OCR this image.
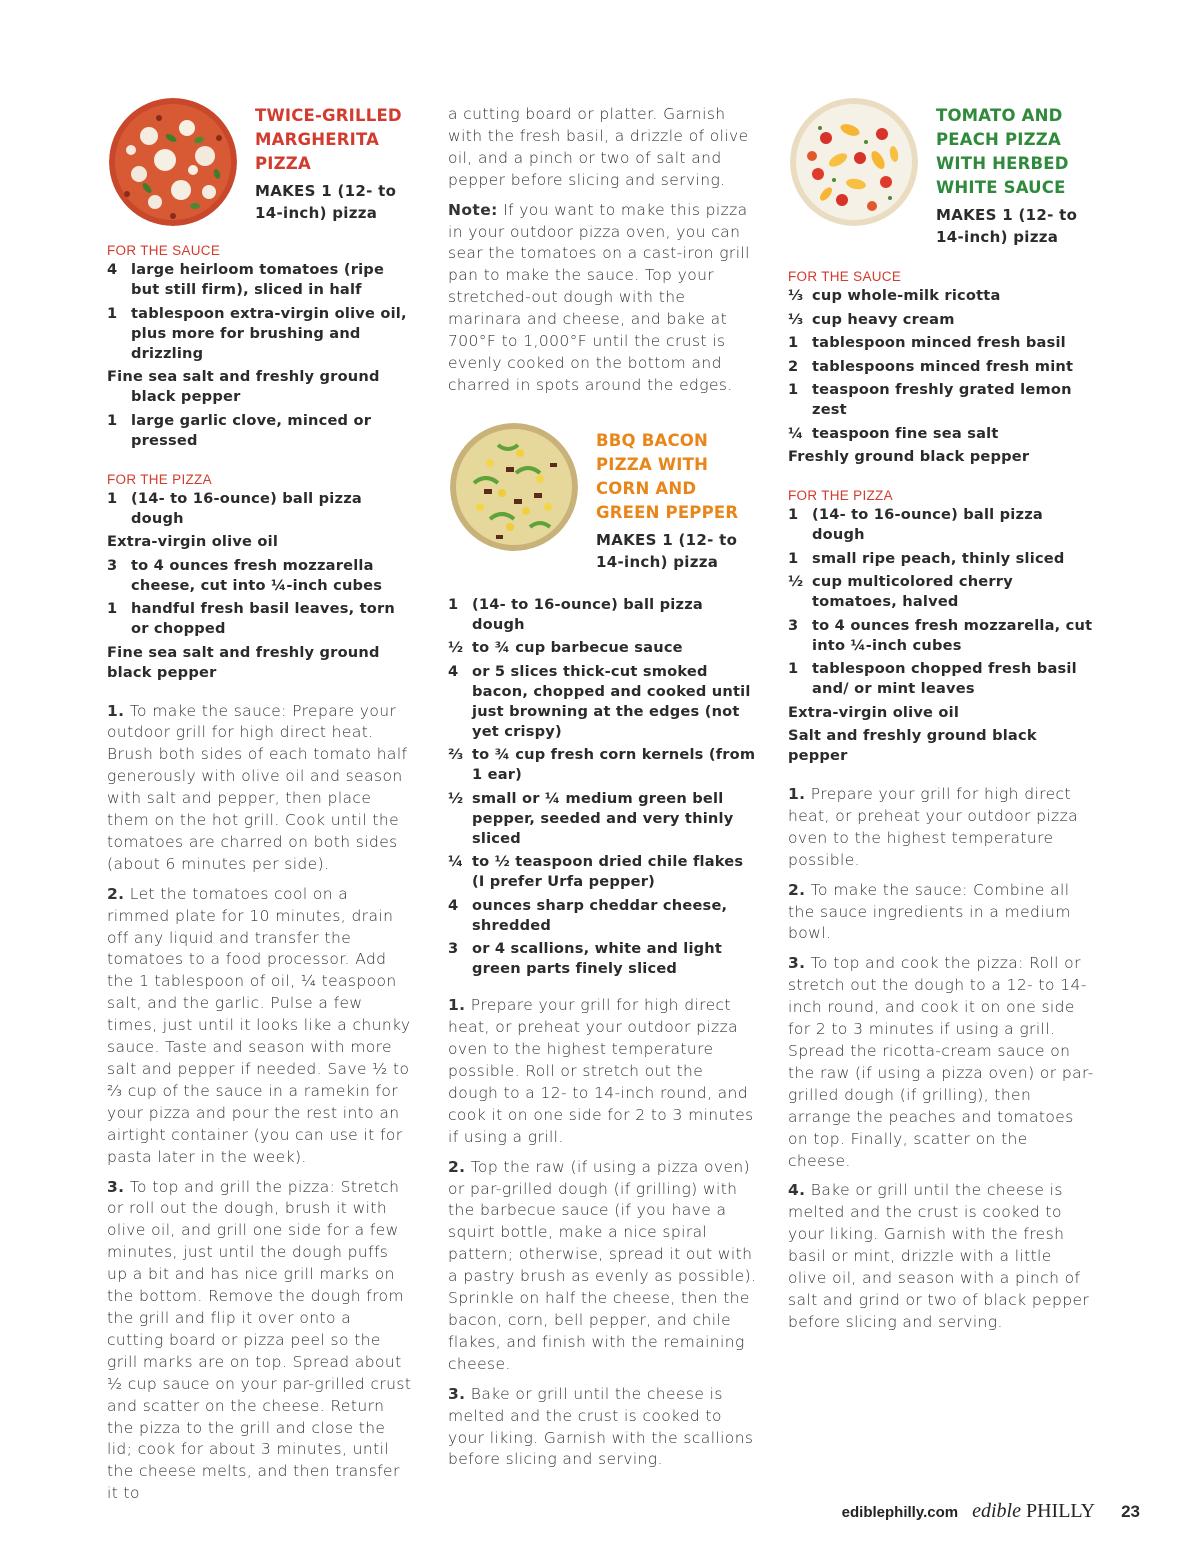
TWICE-GRILLED
MARGHERITA
PIZZA
MAKES 1 (12- to
14-inch) pizza
FOR THE SAUCE
4 large heirloom tomatoes (ripe but still firm), sliced in half
1 tablespoon extra-virgin olive oil, plus more for brushing and drizzling
Fine sea salt and freshly ground black pepper
1 large garlic clove, minced or pressed
FOR THE PIZZA
1 (14- to 16-ounce) ball pizza dough
Extra-virgin olive oil
3 to 4 ounces fresh mozzarella cheese, cut into ¼-inch cubes
1 handful fresh basil leaves, torn or chopped
Fine sea salt and freshly ground black pepper

1. To make the sauce: Prepare your outdoor grill for high direct heat. Brush both sides of each tomato half generously with olive oil and season with salt and pepper, then place them on the hot grill. Cook until the tomatoes are charred on both sides (about 6 minutes per side).

2. Let the tomatoes cool on a rimmed plate for 10 minutes, drain off any liquid and transfer the tomatoes to a food processor. Add the 1 tablespoon of oil, ¼ teaspoon salt, and the garlic. Pulse a few times, just until it looks like a chunky sauce. Taste and season with more salt and pepper if needed. Save ½ to ⅔ cup of the sauce in a ramekin for your pizza and pour the rest into an airtight container (you can use it for pasta later in the week).

3. To top and grill the pizza: Stretch or roll out the dough, brush it with olive oil, and grill one side for a few minutes, just until the dough puffs up a bit and has nice grill marks on the bottom. Remove the dough from the grill and flip it over onto a cutting board or pizza peel so the grill marks are on top. Spread about ½ cup sauce on your par-grilled crust and scatter on the cheese. Return the pizza to the grill and close the lid; cook for about 3 minutes, until the cheese melts, and then transfer it to

a cutting board or platter. Garnish with the fresh basil, a drizzle of olive oil, and a pinch or two of salt and pepper before slicing and serving.

Note: If you want to make this pizza in your outdoor pizza oven, you can sear the tomatoes on a cast-iron grill pan to make the sauce. Top your stretched-out dough with the marinara and cheese, and bake at 700°F to 1,000°F until the crust is evenly cooked on the bottom and charred in spots around the edges.

BBQ BACON
PIZZA WITH
CORN AND
GREEN PEPPER
MAKES 1 (12- to
14-inch) pizza
1 (14- to 16-ounce) ball pizza dough
½ to ¾ cup barbecue sauce
4 or 5 slices thick-cut smoked bacon, chopped and cooked until just browning at the edges (not yet crispy)
⅔ to ¾ cup fresh corn kernels (from 1 ear)
½ small or ¼ medium green bell pepper, seeded and very thinly sliced
¼ to ½ teaspoon dried chile flakes (I prefer Urfa pepper)
4 ounces sharp cheddar cheese, shredded
3 or 4 scallions, white and light green parts finely sliced

1. Prepare your grill for high direct heat, or preheat your outdoor pizza oven to the highest temperature possible. Roll or stretch out the dough to a 12- to 14-inch round, and cook it on one side for 2 to 3 minutes if using a grill.

2. Top the raw (if using a pizza oven) or par-grilled dough (if grilling) with the barbecue sauce (if you have a squirt bottle, make a nice spiral pattern; otherwise, spread it out with a pastry brush as evenly as possible). Sprinkle on half the cheese, then the bacon, corn, bell pepper, and chile flakes, and finish with the remaining cheese.

3. Bake or grill until the cheese is melted and the crust is cooked to your liking. Garnish with the scallions before slicing and serving.

TOMATO AND
PEACH PIZZA
WITH HERBED
WHITE SAUCE
MAKES 1 (12- to
14-inch) pizza
FOR THE SAUCE
⅓ cup whole-milk ricotta
⅓ cup heavy cream
1 tablespoon minced fresh basil
2 tablespoons minced fresh mint
1 teaspoon freshly grated lemon zest
¼ teaspoon fine sea salt
Freshly ground black pepper
FOR THE PIZZA
1 (14- to 16-ounce) ball pizza dough
1 small ripe peach, thinly sliced
½ cup multicolored cherry tomatoes, halved
3 to 4 ounces fresh mozzarella, cut into ¼-inch cubes
1 tablespoon chopped fresh basil and/ or mint leaves
Extra-virgin olive oil
Salt and freshly ground black pepper

1. Prepare your grill for high direct heat, or preheat your outdoor pizza oven to the highest temperature possible.

2. To make the sauce: Combine all the sauce ingredients in a medium bowl.

3. To top and cook the pizza: Roll or stretch out the dough to a 12- to 14-inch round, and cook it on one side for 2 to 3 minutes if using a grill. Spread the ricotta-cream sauce on the raw (if using a pizza oven) or par-grilled dough (if grilling), then arrange the peaches and tomatoes on top. Finally, scatter on the cheese.

4. Bake or grill until the cheese is melted and the crust is cooked to your liking. Garnish with the fresh basil or mint, drizzle with a little olive oil, and season with a pinch of salt and grind or two of black pepper before slicing and serving.

ediblephilly.com edible PHILLY 23
